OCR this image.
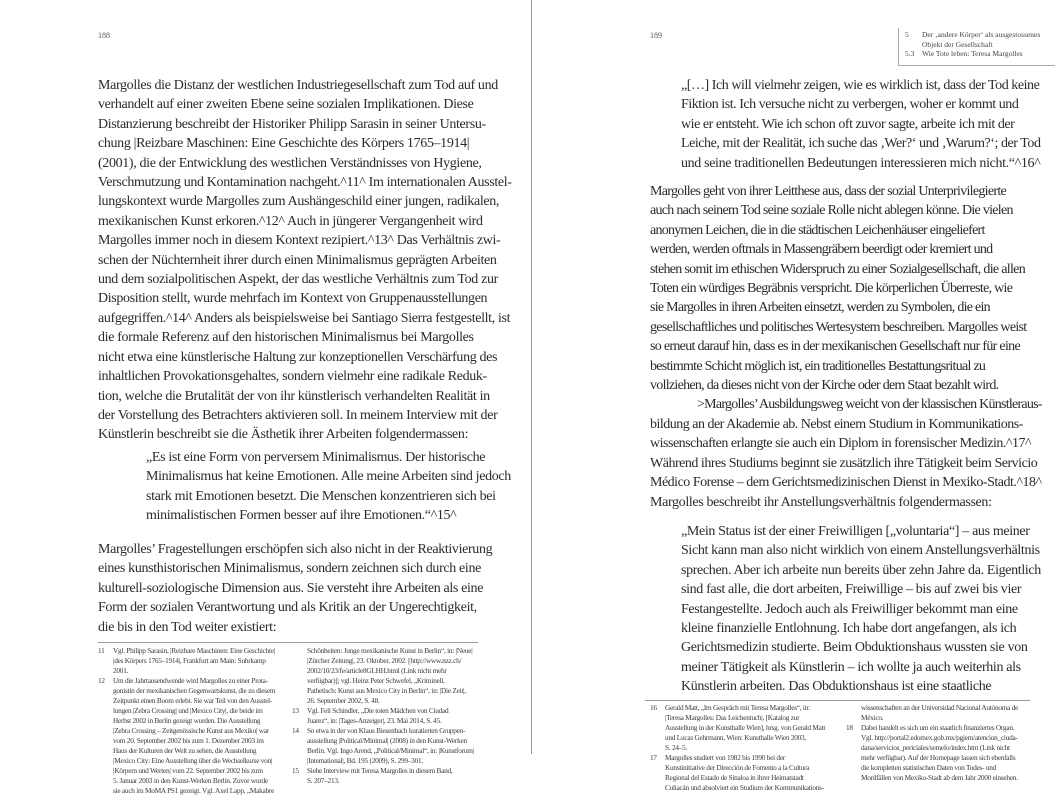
188	189	5	Der ‚andere Körper‘ als ausgestossenes
Objekt der Gesellschaft
5.3	Wie Tote leben: Teresa Margolles
Margolles die Distanz der westlichen Industriegesellschaft zum Tod auf und
verhandelt auf einer zweiten Ebene seine sozialen Implikationen. Diese
Distanzierung beschreibt der Historiker Philipp Sarasin in seiner Untersu-
chung |Reizbare Maschinen: Eine Geschichte des Körpers 1765–1914|
(2001), die der Entwicklung des westlichen Verständnisses von Hygiene,
Verschmutzung und Kontamination nachgeht.^11^ Im internationalen Ausstel-
lungskontext wurde Margolles zum Aushängeschild einer jungen, radikalen,
mexikanischen Kunst erkoren.^12^ Auch in jüngerer Vergangenheit wird
Margolles immer noch in diesem Kontext rezipiert.^13^ Das Verhältnis zwi-
schen der Nüchternheit ihrer durch einen Minimalismus geprägten Arbeiten
und dem sozialpolitischen Aspekt, der das westliche Verhältnis zum Tod zur
Disposition stellt, wurde mehrfach im Kontext von Gruppenausstellungen
aufgegriffen.^14^ Anders als beispielsweise bei Santiago Sierra festgestellt, ist
die formale Referenz auf den historischen Minimalismus bei Margolles
nicht etwa eine künstlerische Haltung zur konzeptionellen Verschärfung des
inhaltlichen Provokationsgehaltes, sondern vielmehr eine radikale Reduk-
tion, welche die Brutalität der von ihr künstlerisch verhandelten Realität in
der Vorstellung des Betrachters aktivieren soll. In meinem Interview mit der
Künstlerin beschreibt sie die Ästhetik ihrer Arbeiten folgendermassen:
„Es ist eine Form von perversem Minimalismus. Der historische
Minimalismus hat keine Emotionen. Alle meine Arbeiten sind jedoch
stark mit Emotionen besetzt. Die Menschen konzentrieren sich bei
minimalistischen Formen besser auf ihre Emotionen.“^15^
Margolles’ Fragestellungen erschöpfen sich also nicht in der Reaktivierung
eines kunsthistorischen Minimalismus, sondern zeichnen sich durch eine
kulturell-soziologische Dimension aus. Sie versteht ihre Arbeiten als eine
Form der sozialen Verantwortung und als Kritik an der Ungerechtigkeit,
die bis in den Tod weiter existiert:
11	Vgl. Philipp Sarasin, |Reizbare Maschinen: Eine Geschichte|
|des Körpers 1765–1914|, Frankfurt am Main: Suhrkamp
2001.
12	Um die Jahrtausendwende wird Margolles zu einer Prota-
gonistin der mexikanischen Gegenwartskunst, die zu diesem
Zeitpunkt einen Boom erlebt. Sie war Teil von den Ausstel-
lungen |Zebra Crossing| und |Mexico City|, die beide im
Herbst 2002 in Berlin gezeigt wurden. Die Ausstellung
|Zebra Crossing – Zeitgenössische Kunst aus Mexiko| war
vom 20. September 2002 bis zum 1. Dezember 2003 im
Haus der Kulturen der Welt zu sehen, die Ausstellung
|Mexico City: Eine Ausstellung über die Wechselkurse von|
|Körpern und Werten| vom 22. September 2002 bis zum
5. Januar 2003 in den Kunst-Werken Berlin. Zuvor wurde
sie auch im MoMA PS1 gezeigt. Vgl. Axel Lapp, „Makabre
Schönheiten: Junge mexikanische Kunst in Berlin“, in: |Neue|
|Zürcher Zeitung|, 23. Oktober, 2002. [http://www.nzz.ch/
2002/10/23/fe/article8GLHH.html (Link nicht mehr
verfügbar)]; vgl. Heinz Peter Schwefel, „Kriminell,
Pathetisch: Kunst aus Mexico City in Berlin“, in: |Die Zeit|,
26. September 2002, S. 48.
13	Vgl. Feli Schindler, „Die toten Mädchen von Ciudad
Juarez“, in: |Tages-Anzeiger|, 23. Mai 2014, S. 45.
14	So etwa in der von Klaus Biesenbach kuratierten Gruppen-
ausstellung |Political/Minimal| (2008) in den Kunst-Werken
Berlin. Vgl. Ingo Arend, „Political/Minimal“, in: |Kunstforum|
|International|, Bd. 195 (2009), S. 299–301.
15	Siehe Interview mit Teresa Margolles in diesem Band,
S. 207–213.
„[…] Ich will vielmehr zeigen, wie es wirklich ist, dass der Tod keine
Fiktion ist. Ich versuche nicht zu verbergen, woher er kommt und
wie er entsteht. Wie ich schon oft zuvor sagte, arbeite ich mit der
Leiche, mit der Realität, ich suche das ‚Wer?‘ und ‚Warum?‘; der Tod
und seine traditionellen Bedeutungen interessieren mich nicht.“^16^
Margolles geht von ihrer Leitthese aus, dass der sozial Unterprivilegierte
auch nach seinem Tod seine soziale Rolle nicht ablegen könne. Die vielen
anonymen Leichen, die in die städtischen Leichenhäuser eingeliefert
werden, werden oftmals in Massengräbern beerdigt oder kremiert und
stehen somit im ethischen Widerspruch zu einer Sozialgesellschaft, die allen
Toten ein würdiges Begräbnis verspricht. Die körperlichen Überreste, wie
sie Margolles in ihren Arbeiten einsetzt, werden zu Symbolen, die ein
gesellschaftliches und politisches Wertesystem beschreiben. Margolles weist
so erneut darauf hin, dass es in der mexikanischen Gesellschaft nur für eine
bestimmte Schicht möglich ist, ein traditionelles Bestattungsritual zu
vollziehen, da dieses nicht von der Kirche oder dem Staat bezahlt wird.
>Margolles’ Ausbildungsweg weicht von der klassischen Künstleraus-
bildung an der Akademie ab. Nebst einem Studium in Kommunikations-
wissenschaften erlangte sie auch ein Diplom in forensischer Medizin.^17^
Während ihres Studiums beginnt sie zusätzlich ihre Tätigkeit beim Servicio
Médico Forense – dem Gerichtsmedizinischen Dienst in Mexiko-Stadt.^18^
Margolles beschreibt ihr Anstellungsverhältnis folgendermassen:
„Mein Status ist der einer Freiwilligen [„voluntaria“] – aus meiner
Sicht kann man also nicht wirklich von einem Anstellungsverhältnis
sprechen. Aber ich arbeite nun bereits über zehn Jahre da. Eigentlich
sind fast alle, die dort arbeiten, Freiwillige – bis auf zwei bis vier
Festangestellte. Jedoch auch als Freiwilliger bekommt man eine
kleine finanzielle Entlohnung. Ich habe dort angefangen, als ich
Gerichtsmedizin studierte. Beim Obduktionshaus wussten sie von
meiner Tätigkeit als Künstlerin – ich wollte ja auch weiterhin als
Künstlerin arbeiten. Das Obduktionshaus ist eine staatliche
16	Gerald Matt, „Im Gespräch mit Teresa Margolles“, in:
|Teresa Margolles: Das Leichentuch|, [Katalog zur
Ausstellung in der Kunsthalle Wien], hrsg. von Gerald Matt
und Lucas Gehrmann, Wien: Kunsthalle Wien 2003,
S. 24–5.
17	Margolles studiert von 1982 bis 1990 bei der
Kunstinitiative der Dirección de Fomento a la Cultura
Regional del Estado de Sinaloa in ihrer Heimatstadt
Culiacán und absolviert ein Studium der Kommunikations-
wissenschaften an der Universidad Nacional Autónoma de
México.
18	Dabei handelt es sich um ein staatlich finanziertes Organ.
Vgl. http://portal2.edomex.gob.mx/pgjem/atencion_ciuda-
dana/servicios_periciales/semefo/index.htm (Link nicht
mehr verfügbar). Auf der Homepage lassen sich ebenfalls
die kompletten statistischen Daten von Todes- und
Mordfällen von Mexiko-Stadt ab dem Jahr 2000 einsehen.
